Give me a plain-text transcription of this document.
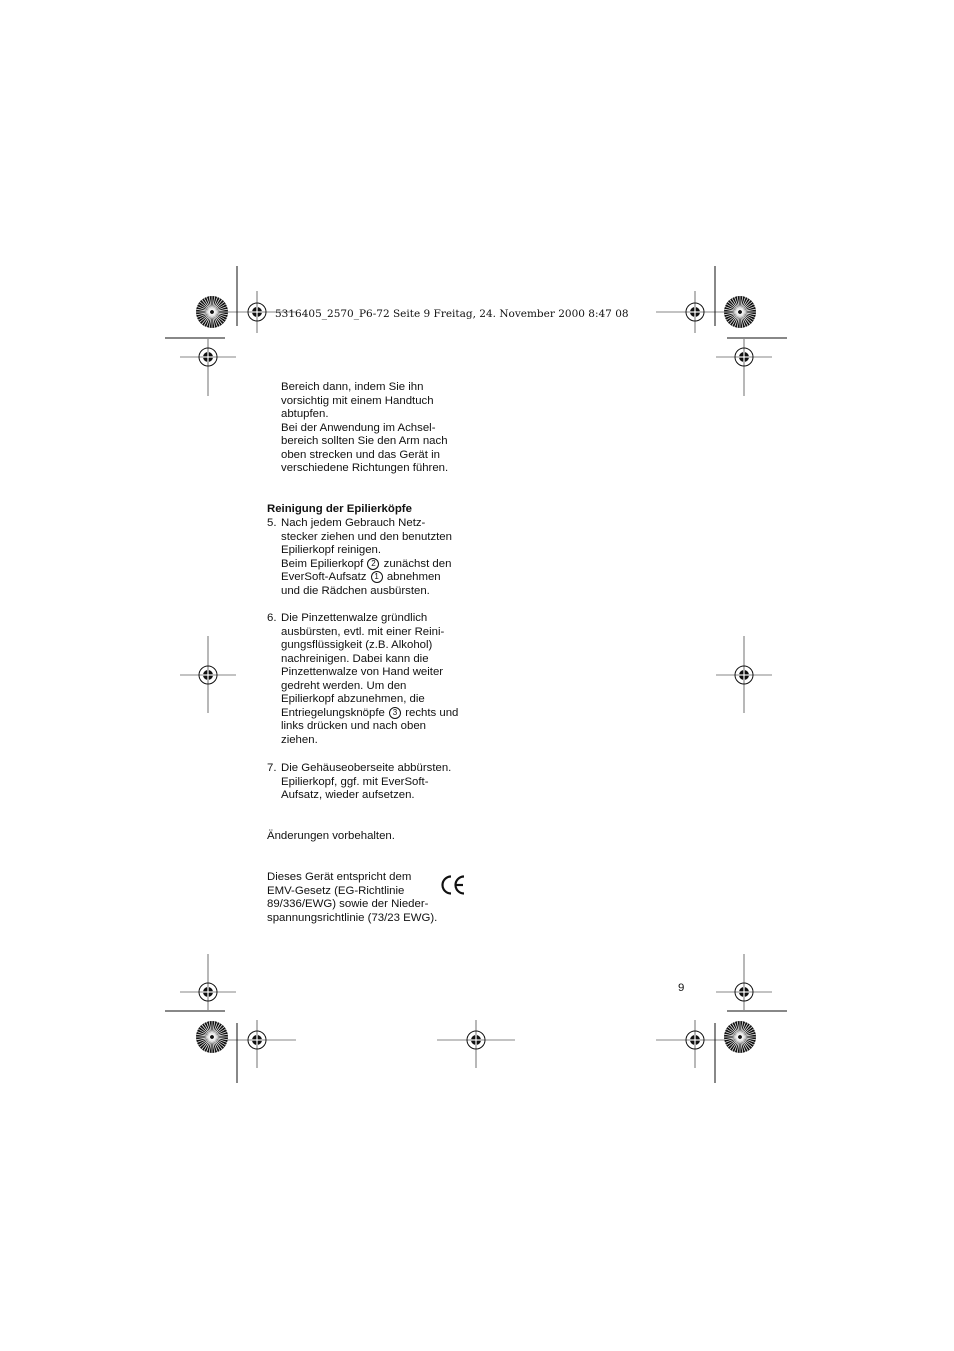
5316405_2570_P6-72 Seite 9 Freitag, 24. November 2000 8:47 08
Bereich dann, indem Sie ihn
vorsichtig mit einem Handtuch
abtupfen.
Bei der Anwendung im Achsel-
bereich sollten Sie den Arm nach
oben strecken und das Gerät in
verschiedene Richtungen führen.
Reinigung der Epilierköpfe
5. Nach jedem Gebrauch Netz-
stecker ziehen und den benutzten
Epilierkopf reinigen.
Beim Epilierkopf 2 zunächst den
EverSoft-Aufsatz 1 abnehmen
und die Rädchen ausbürsten.
6. Die Pinzettenwalze gründlich
ausbürsten, evtl. mit einer Reini-
gungsflüssigkeit (z.B. Alkohol)
nachreinigen. Dabei kann die
Pinzettenwalze von Hand weiter
gedreht werden. Um den
Epilierkopf abzunehmen, die
Entriegelungsknöpfe 3 rechts und
links drücken und nach oben
ziehen.
7. Die Gehäuseoberseite abbürsten.
Epilierkopf, ggf. mit EverSoft-
Aufsatz, wieder aufsetzen.
Änderungen vorbehalten.
Dieses Gerät entspricht dem
EMV-Gesetz (EG-Richtlinie
89/336/EWG) sowie der Nieder-
spannungsrichtlinie (73/23 EWG).
9
